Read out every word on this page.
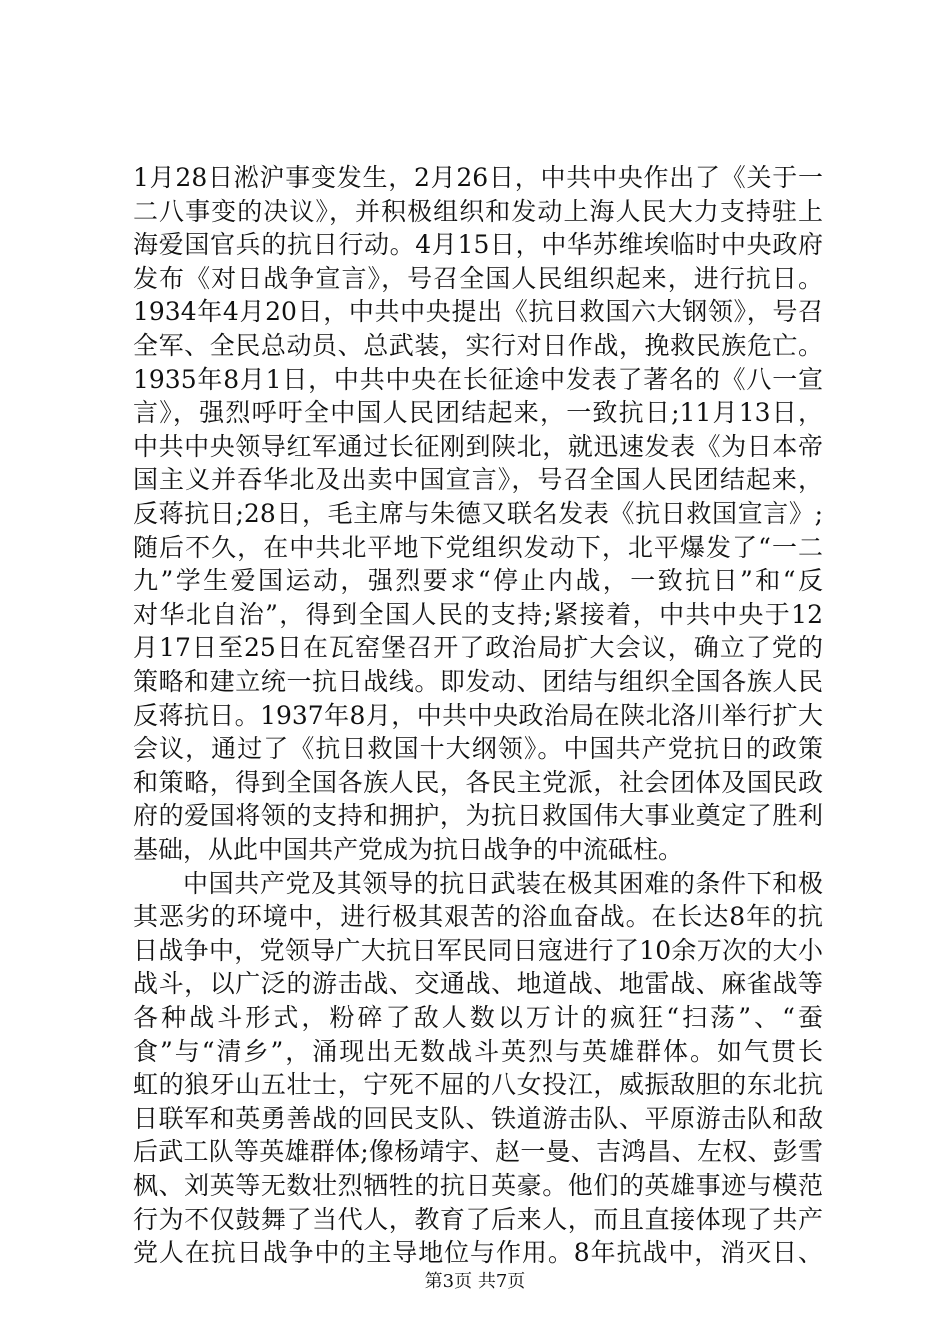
1月28日淞沪事变发生，2月26日，中共中央作出了《关于一
二八事变的决议》，并积极组织和发动上海人民大力支持驻上
海爱国官兵的抗日行动。4月15日，中华苏维埃临时中央政府
发布《对日战争宣言》，号召全国人民组织起来，进行抗日。
1934年4月20日，中共中央提出《抗日救国六大钢领》，号召
全军、全民总动员、总武装，实行对日作战，挽救民族危亡。
1935年8月1日，中共中央在长征途中发表了著名的《八一宣
言》，强烈呼吁全中国人民团结起来，一致抗日;11月13日，
中共中央领导红军通过长征刚到陕北，就迅速发表《为日本帝
国主义并吞华北及出卖中国宣言》，号召全国人民团结起来，
反蒋抗日;28日，毛主席与朱德又联名发表《抗日救国宣言》;
随后不久，在中共北平地下党组织发动下，北平爆发了“一二
九”学生爱国运动，强烈要求“停止内战，一致抗日”和“反
对华北自治”，得到全国人民的支持;紧接着，中共中央于12
月17日至25日在瓦窑堡召开了政治局扩大会议，确立了党的
策略和建立统一抗日战线。即发动、团结与组织全国各族人民
反蒋抗日。1937年8月，中共中央政治局在陕北洛川举行扩大
会议，通过了《抗日救国十大纲领》。中国共产党抗日的政策
和策略，得到全国各族人民，各民主党派，社会团体及国民政
府的爱国将领的支持和拥护，为抗日救国伟大事业奠定了胜利
基础，从此中国共产党成为抗日战争的中流砥柱。
中国共产党及其领导的抗日武装在极其困难的条件下和极
其恶劣的环境中，进行极其艰苦的浴血奋战。在长达8年的抗
日战争中，党领导广大抗日军民同日寇进行了10余万次的大小
战斗，以广泛的游击战、交通战、地道战、地雷战、麻雀战等
各种战斗形式，粉碎了敌人数以万计的疯狂“扫荡”、“蚕
食”与“清乡”，涌现出无数战斗英烈与英雄群体。如气贯长
虹的狼牙山五壮士，宁死不屈的八女投江，威振敌胆的东北抗
日联军和英勇善战的回民支队、铁道游击队、平原游击队和敌
后武工队等英雄群体;像杨靖宇、赵一曼、吉鸿昌、左权、彭雪
枫、刘英等无数壮烈牺牲的抗日英豪。他们的英雄事迹与模范
行为不仅鼓舞了当代人，教育了后来人，而且直接体现了共产
党人在抗日战争中的主导地位与作用。8年抗战中，消灭日、
第3页 共7页
